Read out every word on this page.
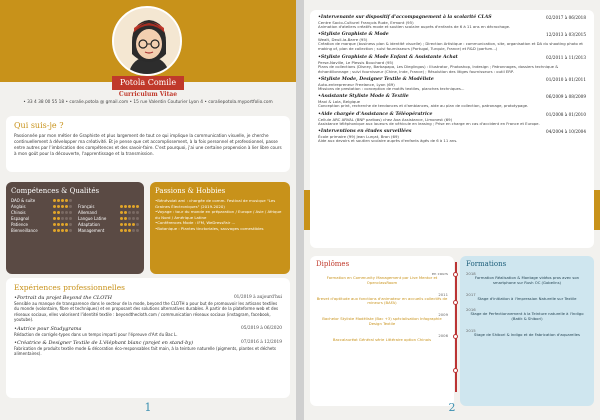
Potola Comile
Curriculum Vitae
• 33 4 38 00 55 18 • coralie.potola @ gmail.com • 15 rue Valentin Couturier Lyon 4 • coraliepotola.myportfolio.com
Qui suis-je ?
Passionnée par mon métier de Graphiste et plus largement de tout ce qui implique la communication visuelle, je cherche continuellement à développer ma créativité. Et je pense que cet accomplissement, à la fois personnel et professionnel, passe entre autres par l'imbrication des compétences et des savoir-faire. C'est pourquoi, j'ai une certaine propension à lier libre cours à mon goût pour la découverte, l'apprentissage et la transmission.
Compétences & Qualités
DAO & suite
Anglais	Français
Chinois	Allemand
Espagnol	Langue Latine
Patience	Adaptation
Bienveillance	Management
Passions & Hobbies
• Bénévolat aml : chargée de comm. Festival de musique "Les Graines Électroniques" (2019-2020)
• Voyage : tour du monde en préparation / Europe / Asie / Afrique du Nord / Amérique Latine
• Conférences Mode : IFM, WeDressFair ...
• Botanique : Plantes tinctoriales, sauvages comestibles
Expériences professionnelles
•Portrait du projet Beyond the CLOTH	01/2019 à aujourd'hui
Sensible au manque de transparence dans le secteur de la mode, beyond the CLOTH a pour but de promouvoir les artisans textiles du monde (volontaire, fibre et techniques) et en proposant des solutions alternatives durables. À partir de la plateforme web et des réseaux sociaux, elles valorisent l'identité textile : beyondthecloth.com / communication réseaux sociaux (instagram, facebook, youtube).
•Autrice pour Studygrama	05/2019 à 06/2020
Rédaction de corrigés-types dans un temps imparti pour l'épreuve d'Art du Bac L.
•Créatrice & Designer Textile de L'éléphant blanc (projet en stand-by)	07/2016 à 12/2019
Fabrication de produits textile mode & décoration éco-responsables fait main, à la teinture naturelle (pigments, plantes et déchets alimentaires).
1
•Intervenante sur dispositif d'accompagnement à la scolarité CLAS	02/2017 à 06/2018
Centre Socio-Culturel François Rude, Ermont (95)
Animation d'ateliers créatifs mode et soutien scolaire auprès d'enfants de 6 à 11 ans en décrochage.
•Styliste Graphiste & Mode	12/2013 à 03/2015
Wealt, Deuil-la-Barre (95)
Création de marque (business plan & identité visuelle) ; Direction Artistique : communication, site, organisation et DA du shooting photo et making of, plan de collection ; suivi fournisseurs (Portugal, Turquie, France) et R&D (parfum...)
•Styliste Graphiste & Mode Enfant & Assistante Achat	02/2011 à 11/2013
Perse-Naville, Le Plessis Bouchard (95)
Plans de collections (Disney, Barbapapa, Les Dieglingos) : Illustrator, Photoshop, Indesign ; Patronnages, dossiers technique & échantillonnage ; suivi fournisseur (Chine, Inde, France) ; Résolution des litiges fournisseurs : outil ERP.
•Styliste Mode, Designer Textile & Modéliste	01/2010 à 01/2011
Auto-entrepreneur Freelance, Lyon (69)
Missions de prestation : conception de motifs textiles, planches techniques...
•Assistante Styliste Mode & Textile	06/2009 à 08/2009
Maxi & Lola, Belgique
Conception print, recherche de tendances et d'ambiances, aide au plan de collection, patronage, prototypage.
•Aide chargée d'Assistance & Téléopératrice	01/2008 à 01/2010
Cellule ARC ARVAL (BNP paribas) chez Axa Assistance, Limonest (69)
Assistance téléphonique aux loueurs de véhicule en leasing ; Prise en charge en cas d'accident en France et Europe.
•Interventions en études surveillées	04/2004 à 10/2004
École primaire (99) Jean Lurçat, Bron (69)
Aide aux devoirs et soutien scolaire auprès d'enfants âgés de 6 à 11 ans.
Diplômes
en cours
Formation en Community Management par Live Mentor et OpenclassRoom
2011
Brevet d'aptitude aux fonctions d'animateur en accueils collectifs de mineurs (BAFA)
2009
Bachelor Styliste Modéliste (Bac +3) spécialisation Infographie Design Textile
2006
Baccalauréat Général série Littéraire option Chinois
Formations
2018
Formation Réalisation & Montage vidéos pros avec son smartphone sur Rush OC (Gobelins)
2017
Stage d'initiation à l'Impression Naturelle sur Textile
2016
Stage de Perfectionnement à la Teinture naturelle à l'Indigo (Batik & Shibori)
2015
Stage de Shibori & Indigo et de Fabrication d'aquarelles
2
